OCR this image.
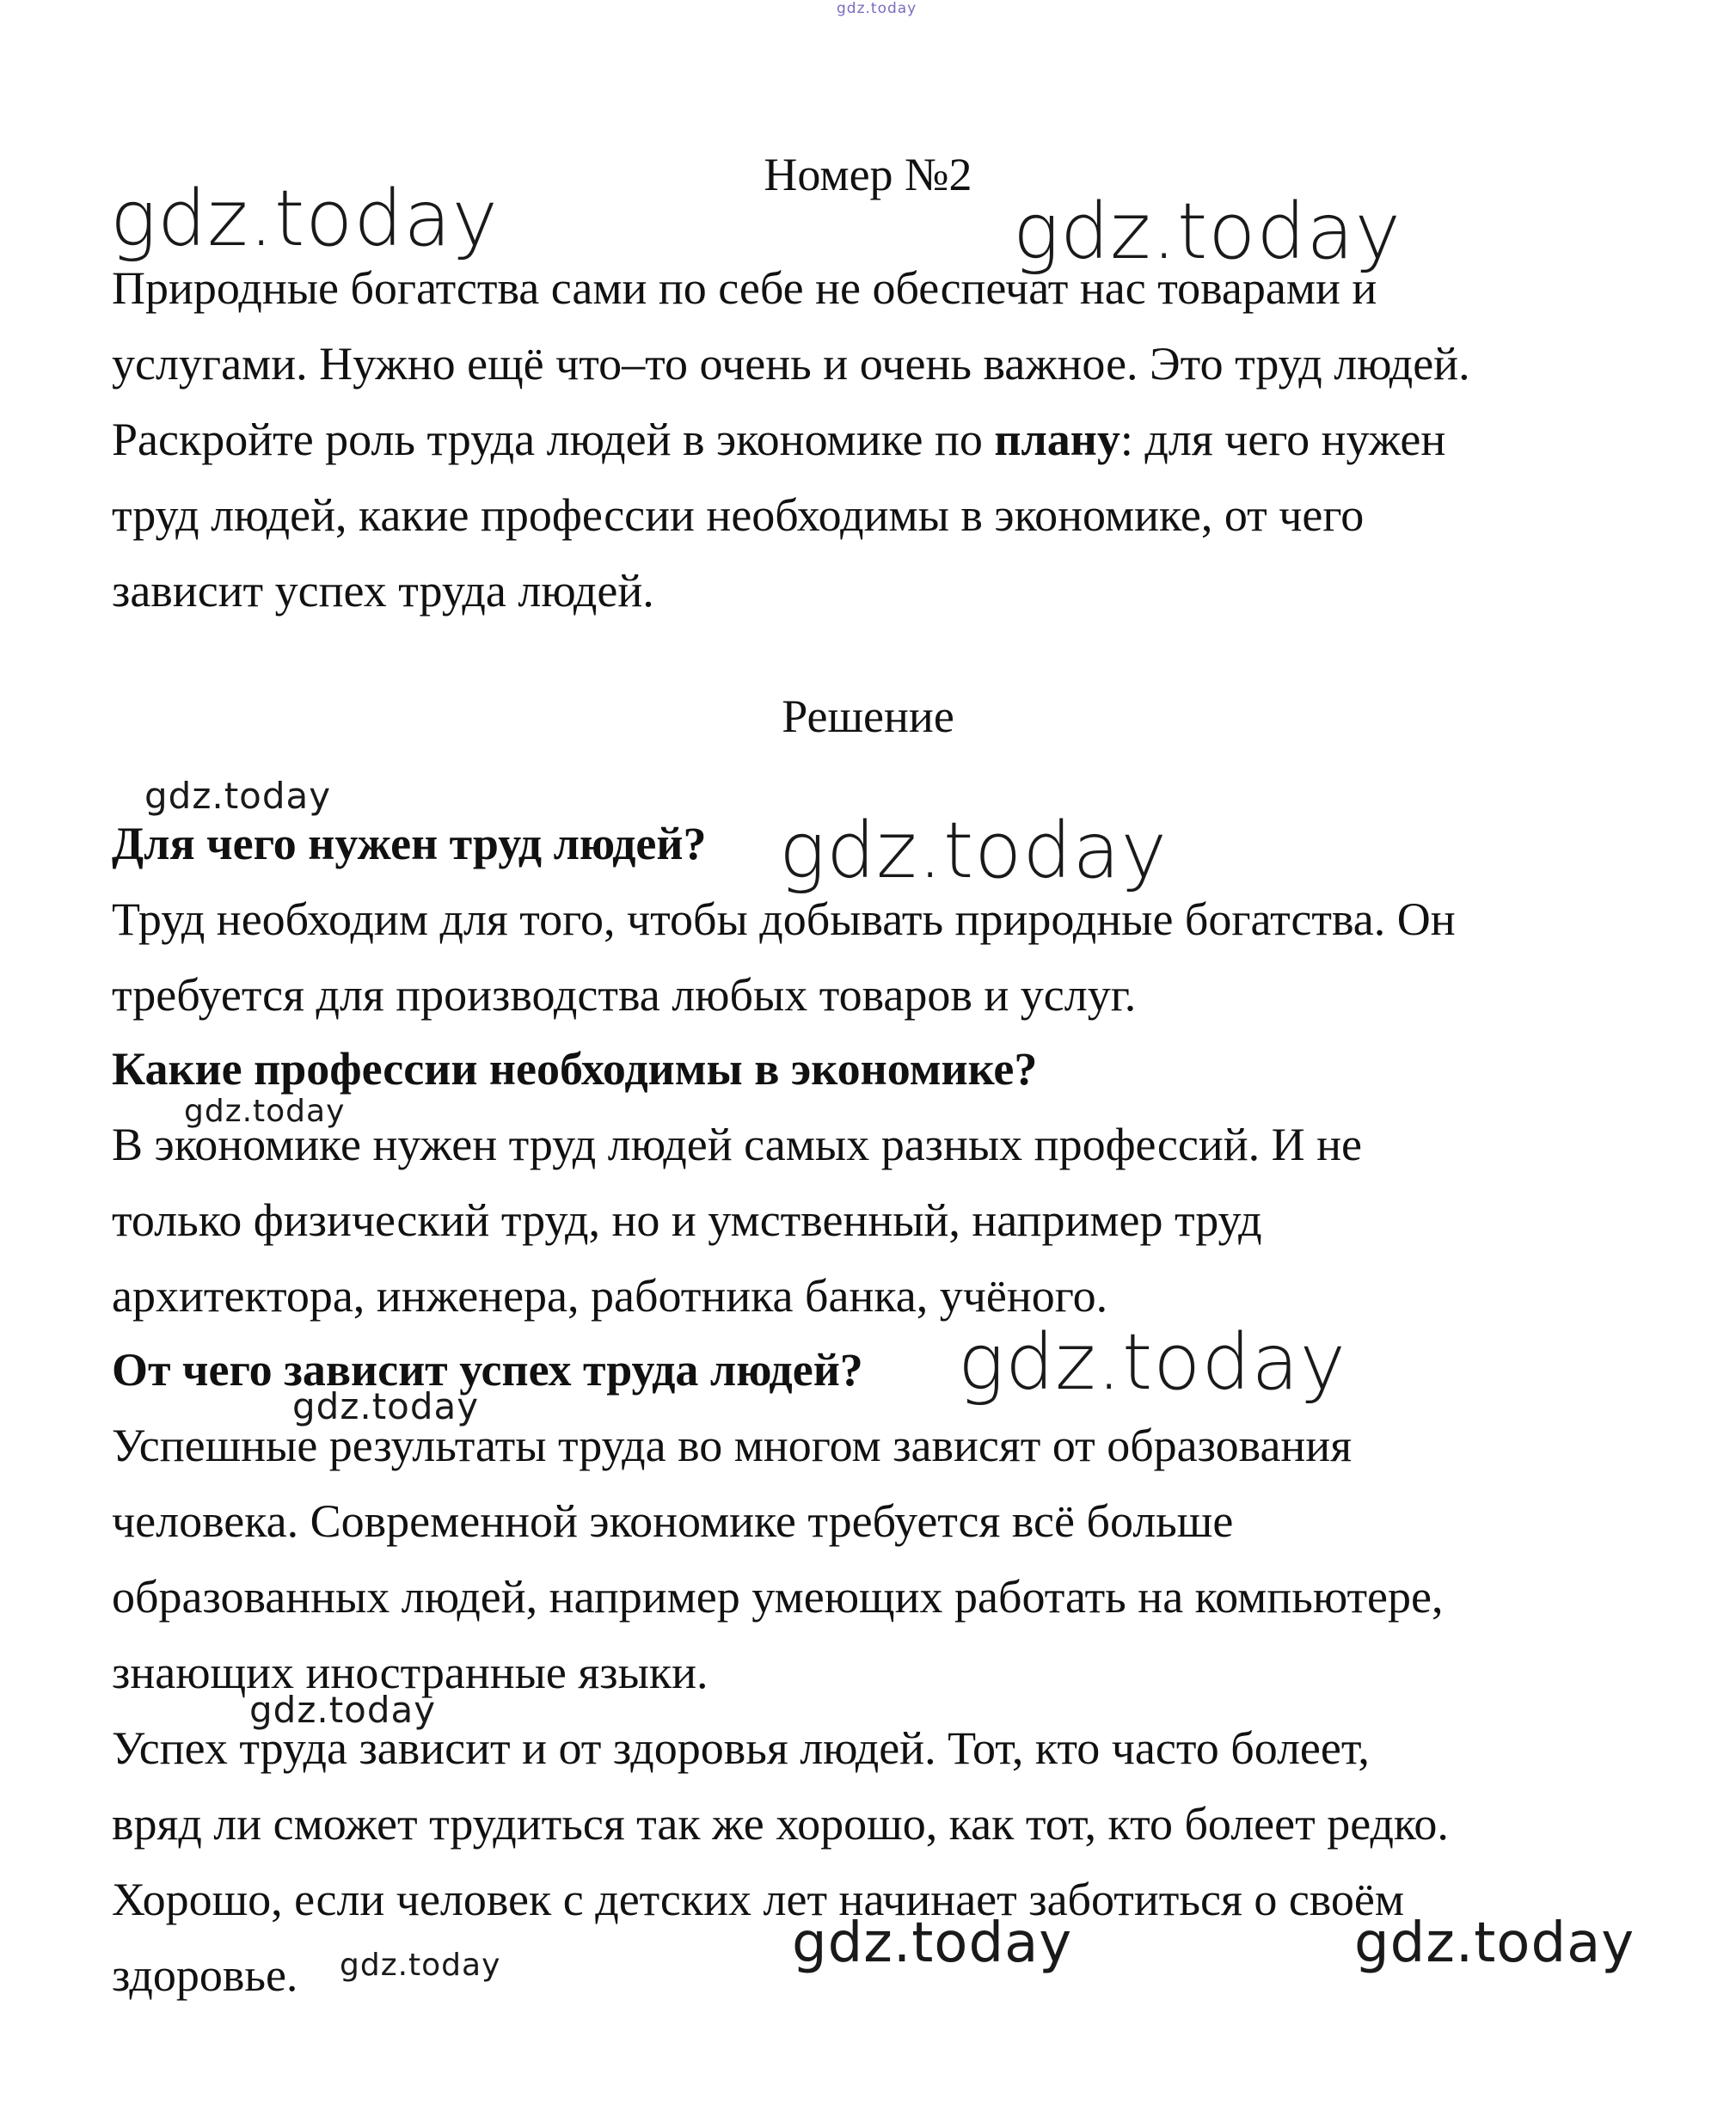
gdz.today
gdz.today	gdz.today
gdz.today
gdz.today
gdz.today
gdz.today
gdz.today
gdz.today
gdz.today	gdz.today
gdz.today
Номер №2
Природные богатства сами по себе не обеспечат нас товарами и
услугами. Нужно ещё что–то очень и очень важное. Это труд людей.
Раскройте роль труда людей в экономике по плану: для чего нужен
труд людей, какие профессии необходимы в экономике, от чего
зависит успех труда людей.
Решение
Для чего нужен труд людей?
Труд необходим для того, чтобы добывать природные богатства. Он
требуется для производства любых товаров и услуг.
Какие профессии необходимы в экономике?
В экономике нужен труд людей самых разных профессий. И не
только физический труд, но и умственный, например труд
архитектора, инженера, работника банка, учёного.
От чего зависит успех труда людей?
Успешные результаты труда во многом зависят от образования
человека. Современной экономике требуется всё больше
образованных людей, например умеющих работать на компьютере,
знающих иностранные языки.
Успех труда зависит и от здоровья людей. Тот, кто часто болеет,
вряд ли сможет трудиться так же хорошо, как тот, кто болеет редко.
Хорошо, если человек с детских лет начинает заботиться о своём
здоровье.
